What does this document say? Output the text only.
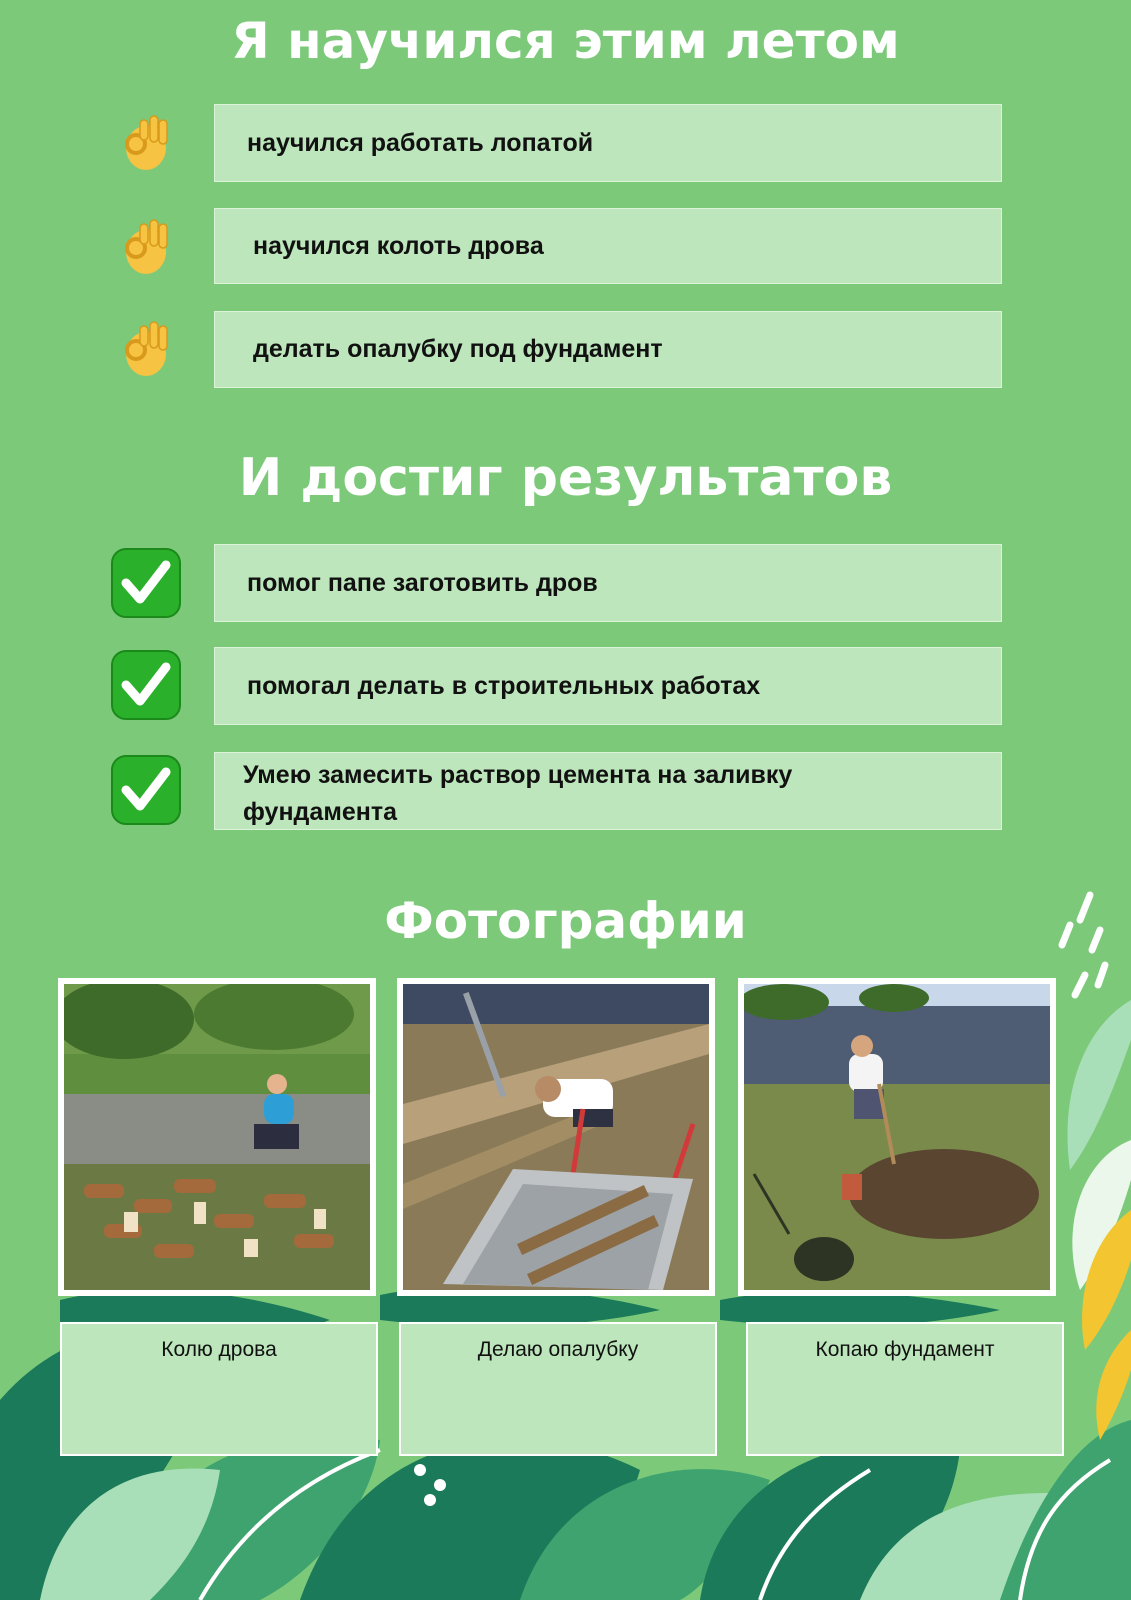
Я научился этим летом
научился работать лопатой
научился колоть дрова
делать опалубку под фундамент
И достиг результатов
помог папе заготовить дров
помогал делать в строительных работах
Умею замесить раствор цемента на заливку фундамента
Фотографии
Колю дрова	Делаю опалубку	Копаю фундамент
